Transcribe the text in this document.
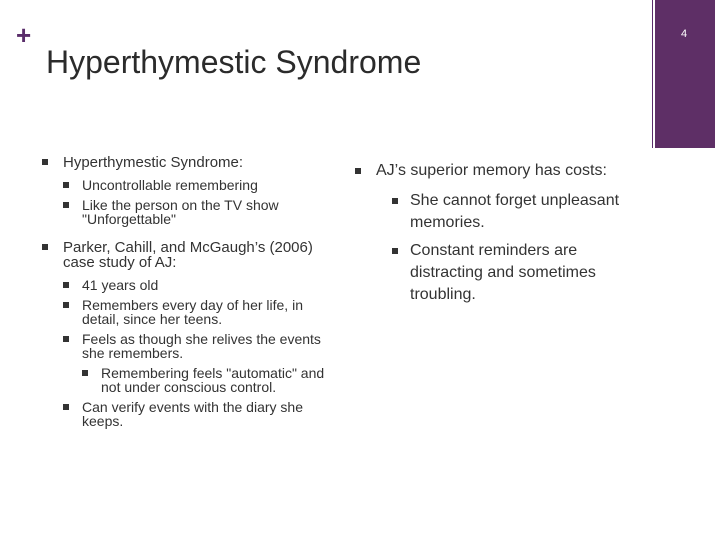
+	4
Hyperthymestic Syndrome
Hyperthymestic Syndrome:
Uncontrollable remembering
Like the person on the TV show "Unforgettable"
Parker, Cahill, and McGaugh’s (2006) case study of AJ:
41 years old
Remembers every day of her life, in detail, since her teens.
Feels as though she relives the events she remembers.
Remembering feels "automatic" and not under conscious control.
Can verify events with the diary she keeps.
AJ’s superior memory has costs:
She cannot forget unpleasant memories.
Constant reminders are distracting and sometimes troubling.
